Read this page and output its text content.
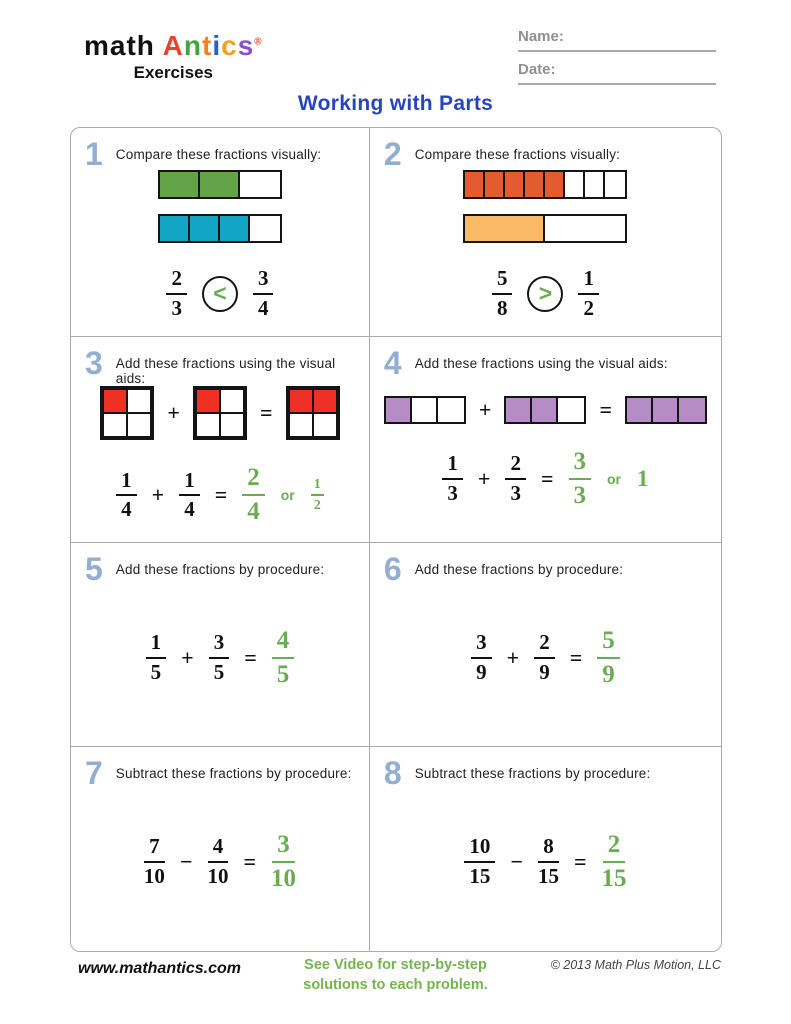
math Antics®
Exercises
Name:
Date:
Working with Parts
1 Compare these fractions visually:
$\frac{2}{3} < \frac{3}{4}$
2 Compare these fractions visually:
$\frac{5}{8} > \frac{1}{2}$
3 Add these fractions using the visual aids:
+	=
$\frac{1}{4} + \frac{1}{4} = \frac{2}{4}$ or $\frac{1}{2}$
4 Add these fractions using the visual aids:
+	=
$\frac{1}{3} + \frac{2}{3} = \frac{3}{3}$ or 1
5 Add these fractions by procedure:
$\frac{1}{5} + \frac{3}{5} = \frac{4}{5}$
6 Add these fractions by procedure:
$\frac{3}{9} + \frac{2}{9} = \frac{5}{9}$
7 Subtract these fractions by procedure:
$\frac{7}{10} - \frac{4}{10} = \frac{3}{10}$
8 Subtract these fractions by procedure:
$\frac{10}{15} - \frac{8}{15} = \frac{2}{15}$
www.mathantics.com	See Video for step-by-step
solutions to each problem.
© 2013 Math Plus Motion, LLC
